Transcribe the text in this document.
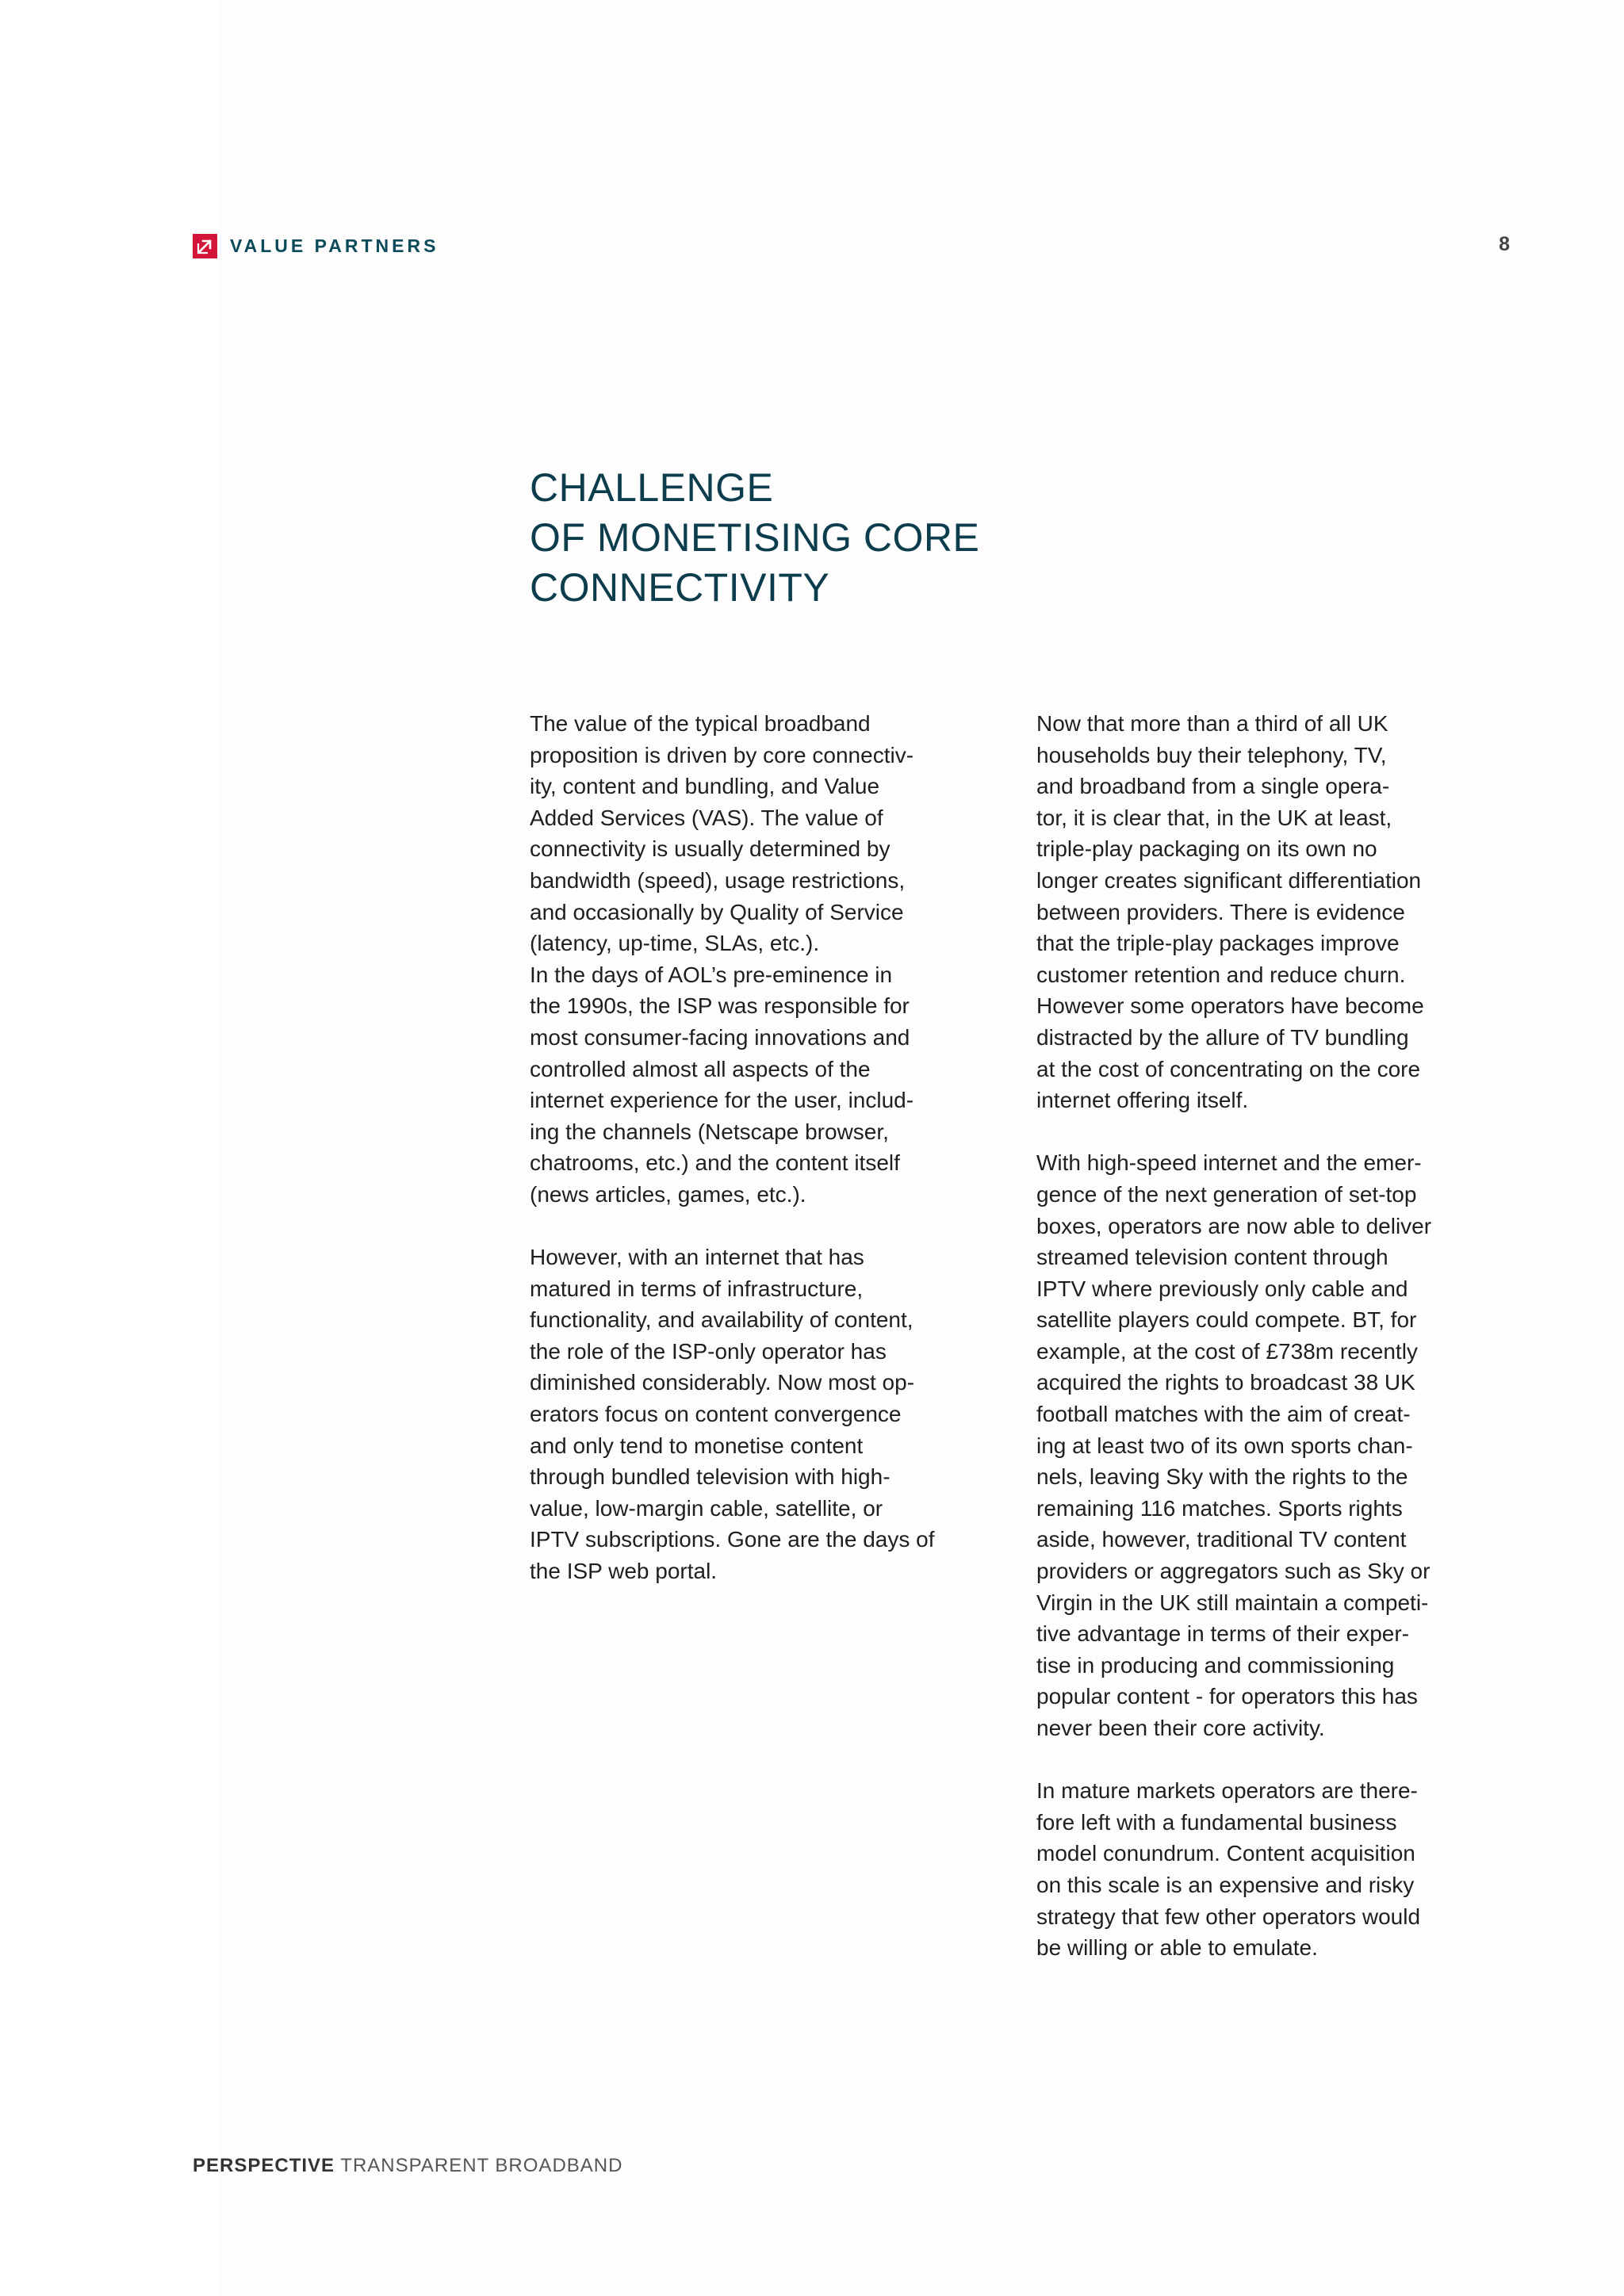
VALUE PARTNERS	8
CHALLENGE
OF MONETISING CORE
CONNECTIVITY

The value of the typical broadband
proposition is driven by core connectiv-
ity, content and bundling, and Value
Added Services (VAS). The value of
connectivity is usually determined by
bandwidth (speed), usage restrictions,
and occasionally by Quality of Service
(latency, up-time, SLAs, etc.).

In the days of AOL’s pre-eminence in
the 1990s, the ISP was responsible for
most consumer-facing innovations and
controlled almost all aspects of the
internet experience for the user, includ-
ing the channels (Netscape browser,
chatrooms, etc.) and the content itself
(news articles, games, etc.).

However, with an internet that has
matured in terms of infrastructure,
functionality, and availability of content,
the role of the ISP-only operator has
diminished considerably. Now most op-
erators focus on content convergence
and only tend to monetise content
through bundled television with high-
value, low-margin cable, satellite, or
IPTV subscriptions. Gone are the days of
the ISP web portal.

Now that more than a third of all UK
households buy their telephony, TV,
and broadband from a single opera-
tor, it is clear that, in the UK at least,
triple-play packaging on its own no
longer creates significant differentiation
between providers. There is evidence
that the triple-play packages improve
customer retention and reduce churn.
However some operators have become
distracted by the allure of TV bundling
at the cost of concentrating on the core
internet offering itself.

With high-speed internet and the emer-
gence of the next generation of set-top
boxes, operators are now able to deliver
streamed television content through
IPTV where previously only cable and
satellite players could compete. BT, for
example, at the cost of £738m recently
acquired the rights to broadcast 38 UK
football matches with the aim of creat-
ing at least two of its own sports chan-
nels, leaving Sky with the rights to the
remaining 116 matches. Sports rights
aside, however, traditional TV content
providers or aggregators such as Sky or
Virgin in the UK still maintain a competi-
tive advantage in terms of their exper-
tise in producing and commissioning
popular content - for operators this has
never been their core activity.

In mature markets operators are there-
fore left with a fundamental business
model conundrum. Content acquisition
on this scale is an expensive and risky
strategy that few other operators would
be willing or able to emulate.

PERSPECTIVE TRANSPARENT BROADBAND
